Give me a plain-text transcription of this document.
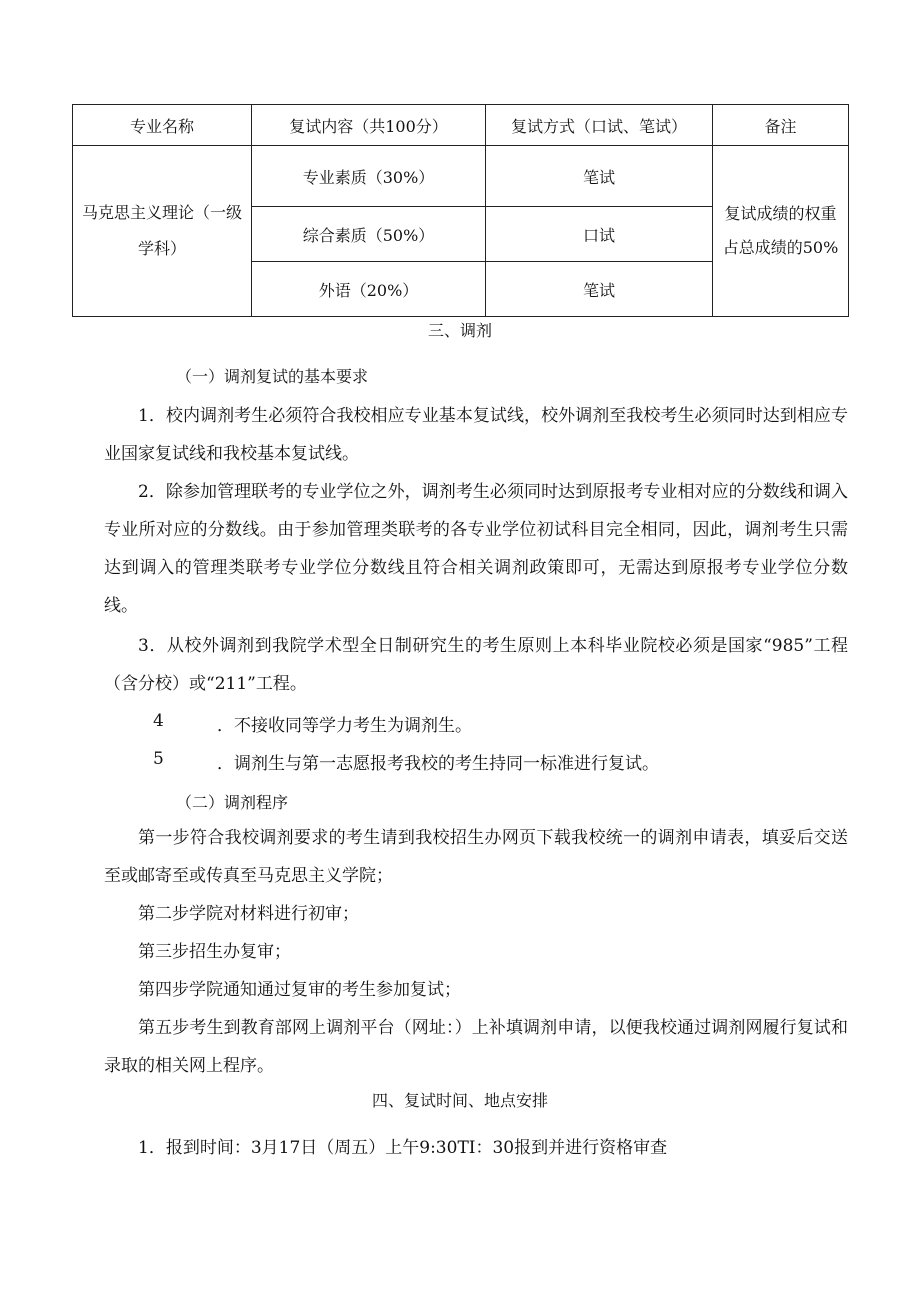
专业名称	复试内容（共100分）	复试方式（口试、笔试）	备注
马克思主义理论（一级学科）	专业素质（30%）	笔试	复试成绩的权重占总成绩的50%
	综合素质（50%）	口试	
	外语（20%）	笔试	
三、调剂
（一）调剂复试的基本要求

1．校内调剂考生必须符合我校相应专业基本复试线，校外调剂至我校考生必须同时达到相应专业国家复试线和我校基本复试线。

2．除参加管理联考的专业学位之外，调剂考生必须同时达到原报考专业相对应的分数线和调入专业所对应的分数线。由于参加管理类联考的各专业学位初试科目完全相同，因此，调剂考生只需达到调入的管理类联考专业学位分数线且符合相关调剂政策即可，无需达到原报考专业学位分数线。

3．从校外调剂到我院学术型全日制研究生的考生原则上本科毕业院校必须是国家“985”工程（含分校）或“211”工程。

4	．不接收同等学力考生为调剂生。
5	．调剂生与第一志愿报考我校的考生持同一标准进行复试。
（二）调剂程序

第一步符合我校调剂要求的考生请到我校招生办网页下载我校统一的调剂申请表，填妥后交送至或邮寄至或传真至马克思主义学院；

第二步学院对材料进行初审；

第三步招生办复审；

第四步学院通知通过复审的考生参加复试；

第五步考生到教育部网上调剂平台（网址：）上补填调剂申请，以便我校通过调剂网履行复试和录取的相关网上程序。

四、复试时间、地点安排

1．报到时间：3月17日（周五）上午9:30TI：30报到并进行资格审查
